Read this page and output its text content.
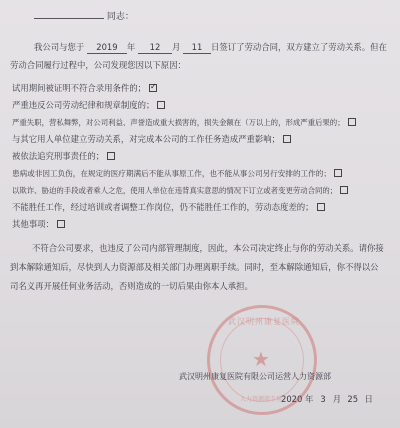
同志：
我公司与您于 2019 年 12 月 11 日签订了劳动合同，双方建立了劳动关系。但在
劳动合同履行过程中，公司发现您因以下原因：
试用期间被证明不符合录用条件的；✓
严重违反公司劳动纪律和规章制度的；
严重失职，营私舞弊，对公司利益、声誉造成重大损害的，损失金额在（万以上的，形成严重后果的；
与其它用人单位建立劳动关系，对完成本公司的工作任务造成严重影响；
被依法追究刑事责任的；
患病或非因工负伤，在规定的医疗期满后不能从事原工作，也不能从事公司另行安排的工作的；
以欺诈、胁迫的手段或者乘人之危，使用人单位在违背真实意思的情况下订立或者变更劳动合同的；
不能胜任工作，经过培训或者调整工作岗位，仍不能胜任工作的，劳动态度差的；
其他事项：
不符合公司要求，也违反了公司内部管理制度，因此，本公司决定终止与你的劳动关系。请你接
到本解除通知后，尽快到人力资源部及相关部门办理离职手续。同时，至本解除通知后，你不得以公
司名义再开展任何业务活动，否则造成的一切后果由你本人承担。
武汉明州康复医院
★
人力资源部专用
武汉明州康复医院有限公司运营人力资源部
2020 年 3 月 25 日
